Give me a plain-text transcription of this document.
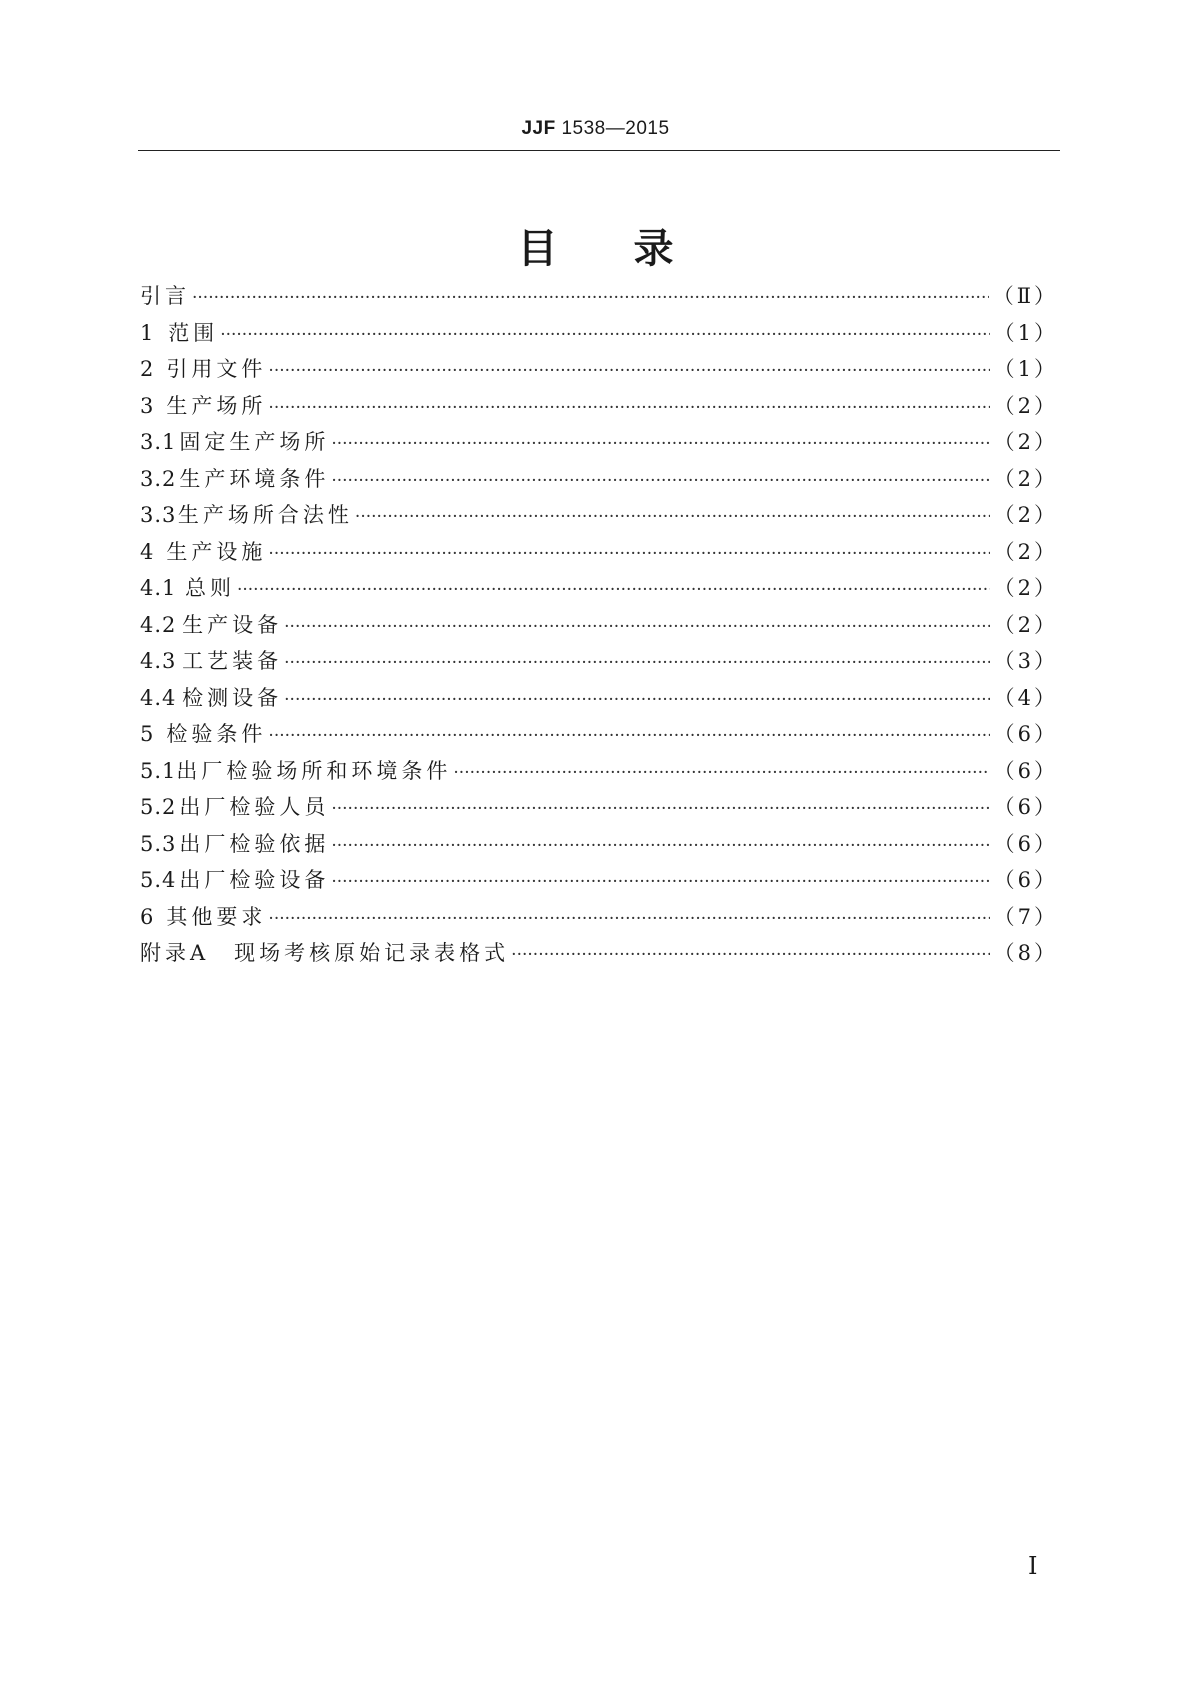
JJF 1538—2015
目录
引言 ·····	（Ⅱ）
1 范围 ·····	（1）
2 引用文件 ·····	（1）
3 生产场所 ·····	（2）
3.1 固定生产场所 ·····	（2）
3.2 生产环境条件 ·····	（2）
3.3 生产场所合法性 ·····	（2）
4 生产设施 ·····	（2）
4.1 总则 ·····	（2）
4.2 生产设备 ·····	（2）
4.3 工艺装备 ·····	（3）
4.4 检测设备 ·····	（4）
5 检验条件 ·····	（6）
5.1 出厂检验场所和环境条件 ·····	（6）
5.2 出厂检验人员 ·····	（6）
5.3 出厂检验依据 ·····	（6）
5.4 出厂检验设备 ·····	（6）
6 其他要求 ·····	（7）
附录A　现场考核原始记录表格式 ·····	（8）
Ⅰ
